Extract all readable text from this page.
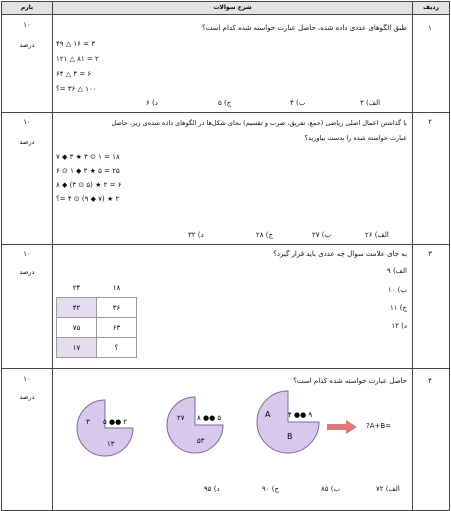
بارم	شرح سوالات	ردیف
۱
۱۰
درصد
طبق الگوهای عددی داده شده، حاصل عبارت خواسته شده کدام است؟
۴۹ △ ۱۶ = ۳
۱۲۱ △ ۸۱ = ۲
۶۴ △ ۴ = ۶
۱۰۰ △ ۳۶ =؟
الف) ۳
ب) ۴
ج) ۵
د) ۶
۲
۱۰
درصد
با گذاشتن اعمال اصلی ریاضی (جمع، تفریق، ضرب و تقسیم) بجای شکل‌ها در الگوهای داده شده‌ی زیر، حاصل
عبارت خواسته شده را بدست بیاورید؟
۷ ◆ ۳ ★ ۴ ⊙ ۱ = ۱۸
۶ ⊙ ۱ ◆ ۴ ★ ۵ = ۲۵
۸ ◆ (۴ ⊙ ۵) ★ ۲ = ۶
۲ ★ (۷ ◆ ۹) ⊙ ۴ =؟
الف) ۲۶
ب) ۲۷
ج) ۲۸
د) ۳۲
۳
۱۰
درصد
به جای علامت سوال چه عددی باید قرار گیرد؟
الف) ۹
ب) ۱۰
ج) ۱۱
د) ۱۲
۲۴	۱۸
۴۲	۳۶
۷۵	۶۳
۱۷	؟
۴
۱۰
درصد
حاصل عبارت خواسته شده کدام است؟
۵ ●● ۲
۳
۱۳
۸ ●● ۵
۲۷
۵۳
۴ ●● ۹
A
B
?A+B=
الف) ۷۲
ب) ۸۵
ج) ۹۰
د) ۹۵
